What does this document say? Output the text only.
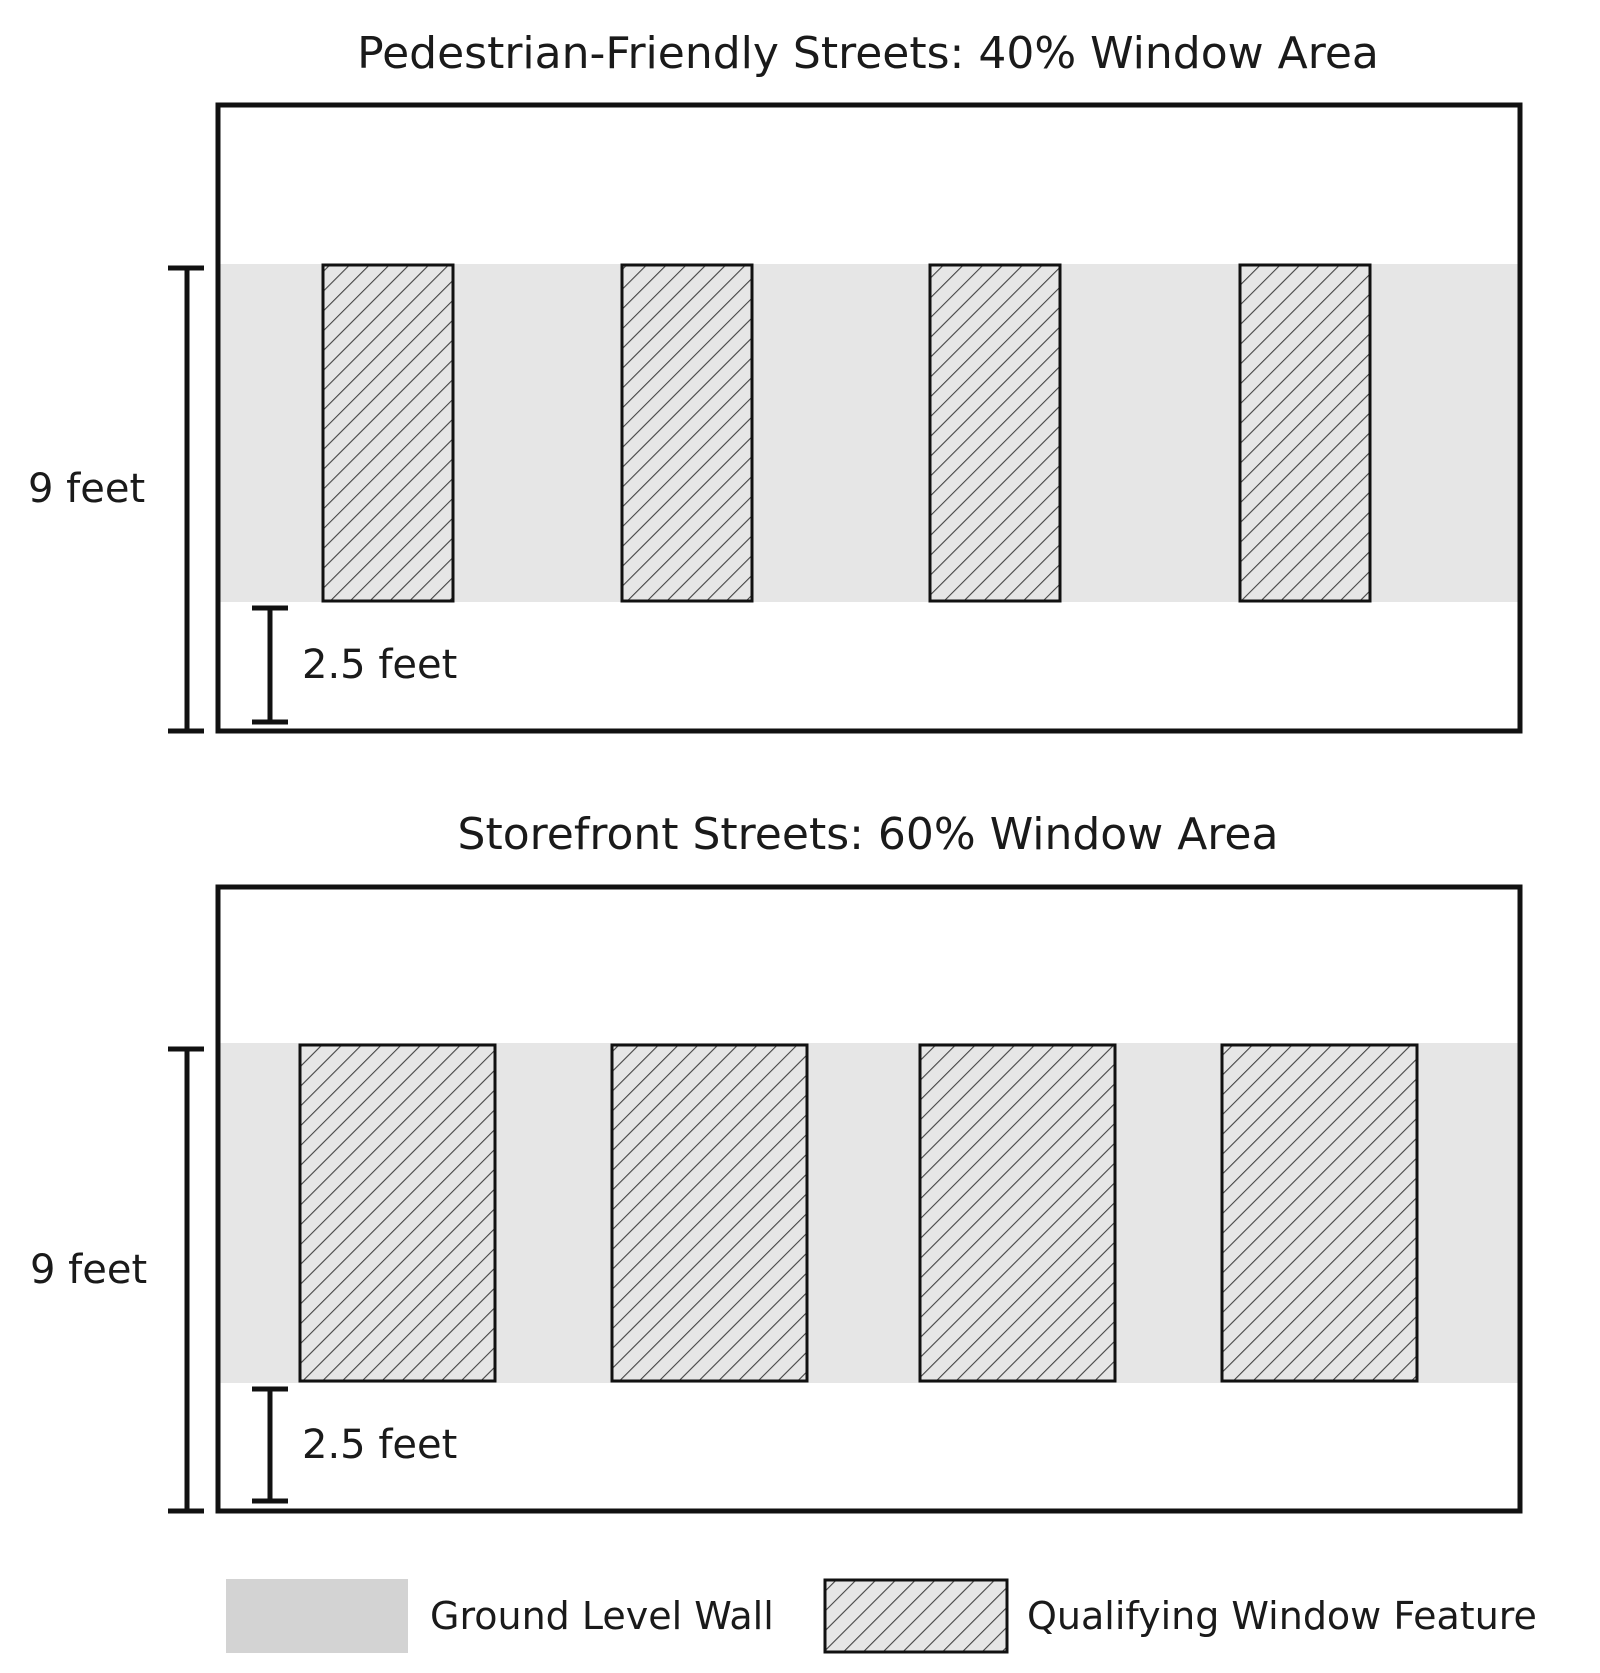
Pedestrian-Friendly Streets: 40% Window Area
9 feet
2.5 feet
Storefront Streets: 60% Window Area
9 feet
2.5 feet
Ground Level Wall	Qualifying Window Feature
